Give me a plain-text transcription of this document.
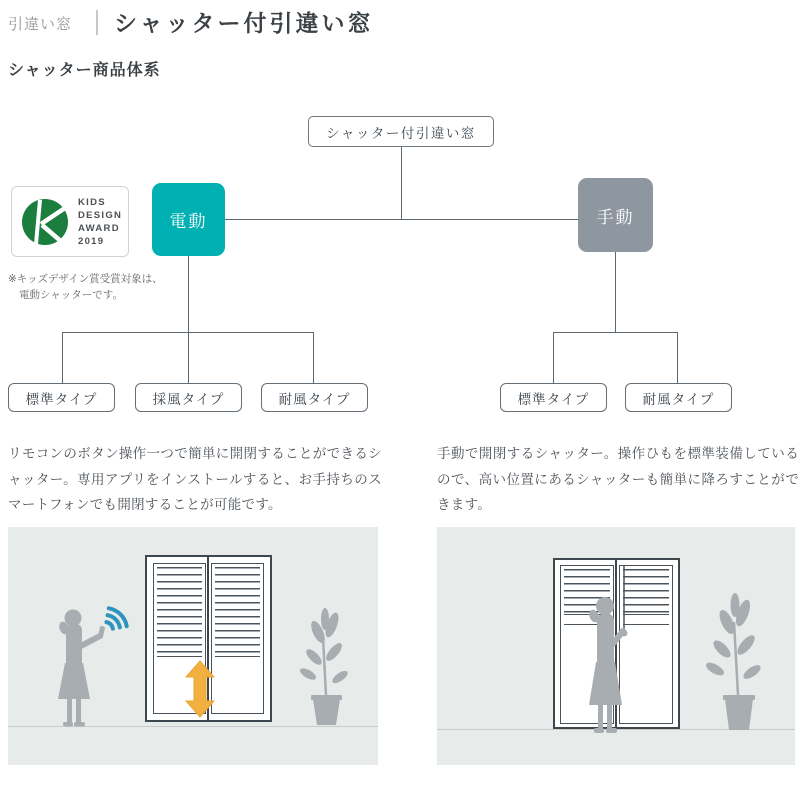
引違い窓 シャッター付引違い窓
シャッター商品体系
シャッター付引違い窓
電動	手動
標準タイプ	採風タイプ	耐風タイプ	標準タイプ	耐風タイプ
KIDS
DESIGN
AWARD
2019
※キッズデザイン賞受賞対象は、
電動シャッターです。

リモコンのボタン操作一つで簡単に開閉することができるシャッター。専用アプリをインストールすると、お手持ちのスマートフォンでも開閉することが可能です。

手動で開閉するシャッター。操作ひもを標準装備しているので、高い位置にあるシャッターも簡単に降ろすことができます。
